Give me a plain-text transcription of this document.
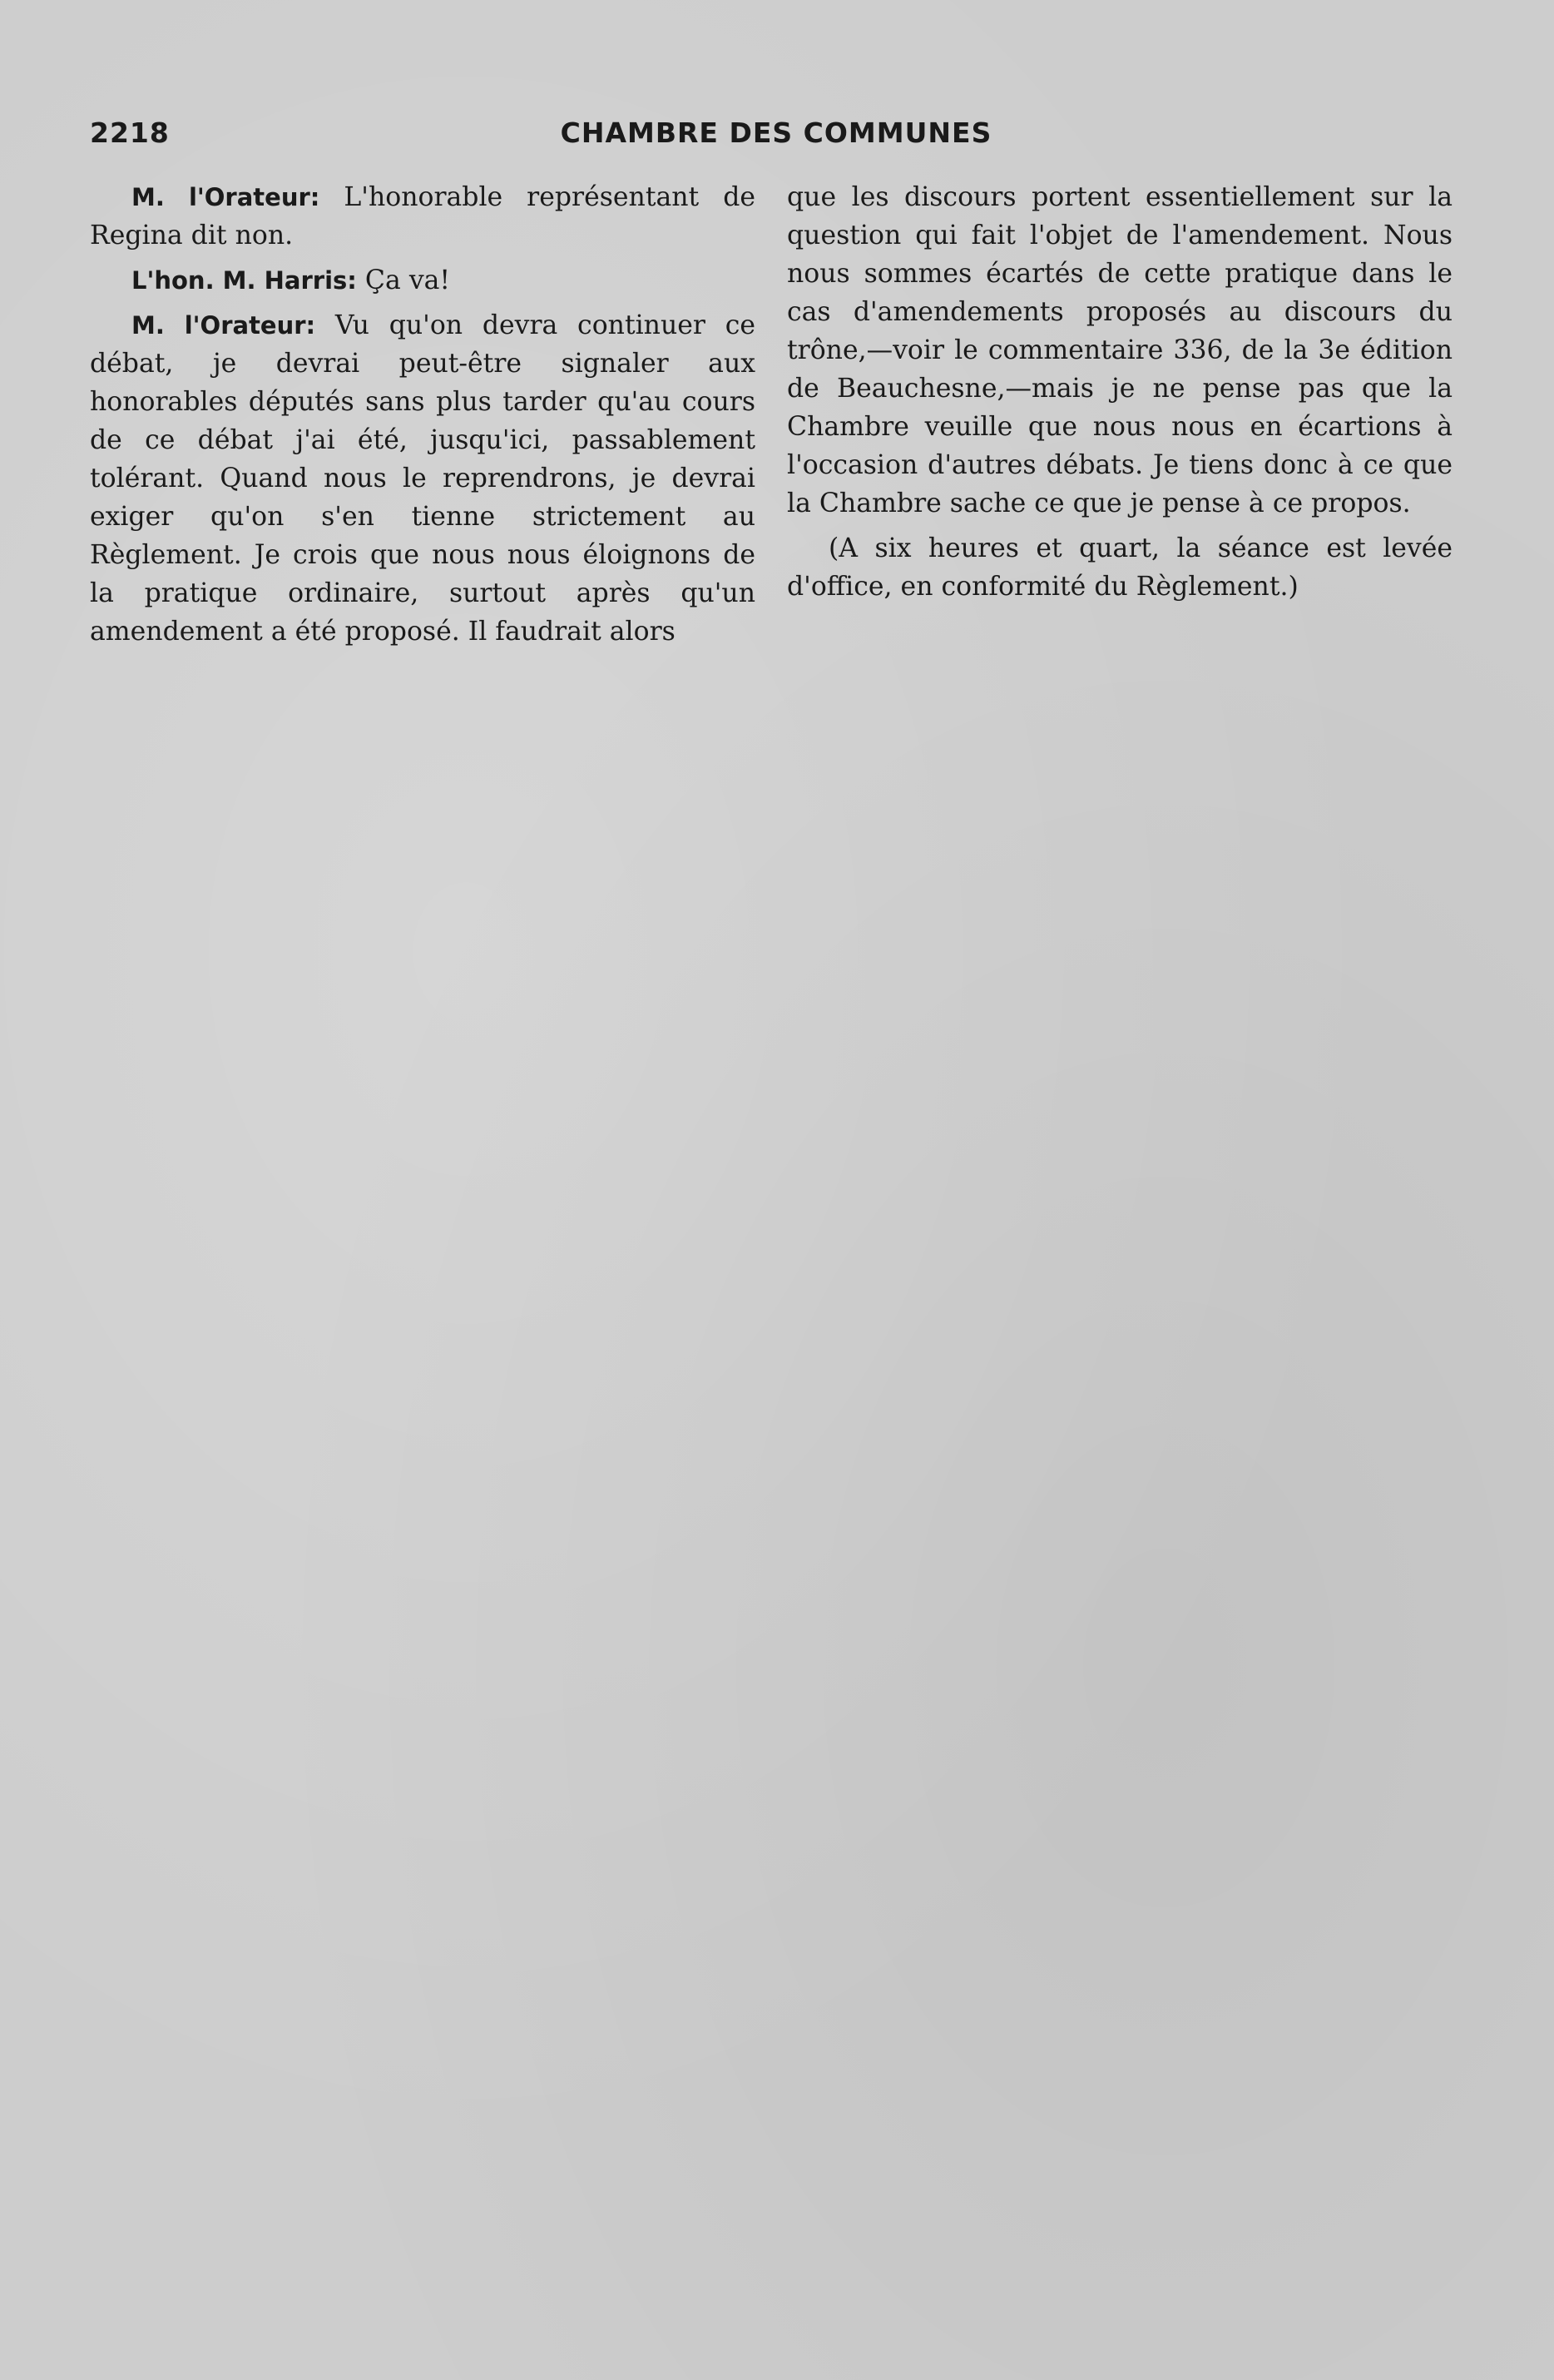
2218	CHAMBRE DES COMMUNES

M. l'Orateur: L'honorable représentant de Regina dit non.

L'hon. M. Harris: Ça va!

M. l'Orateur: Vu qu'on devra continuer ce débat, je devrai peut-être signaler aux honorables députés sans plus tarder qu'au cours de ce débat j'ai été, jusqu'ici, passablement tolérant. Quand nous le reprendrons, je devrai exiger qu'on s'en tienne strictement au Règlement. Je crois que nous nous éloignons de la pratique ordinaire, surtout après qu'un amendement a été proposé. Il faudrait alors

que les discours portent essentiellement sur la question qui fait l'objet de l'amendement. Nous nous sommes écartés de cette pratique dans le cas d'amendements proposés au discours du trône,—voir le commentaire 336, de la 3e édition de Beauchesne,—mais je ne pense pas que la Chambre veuille que nous nous en écartions à l'occasion d'autres débats. Je tiens donc à ce que la Chambre sache ce que je pense à ce propos.

(A six heures et quart, la séance est levée d'office, en conformité du Règlement.)
